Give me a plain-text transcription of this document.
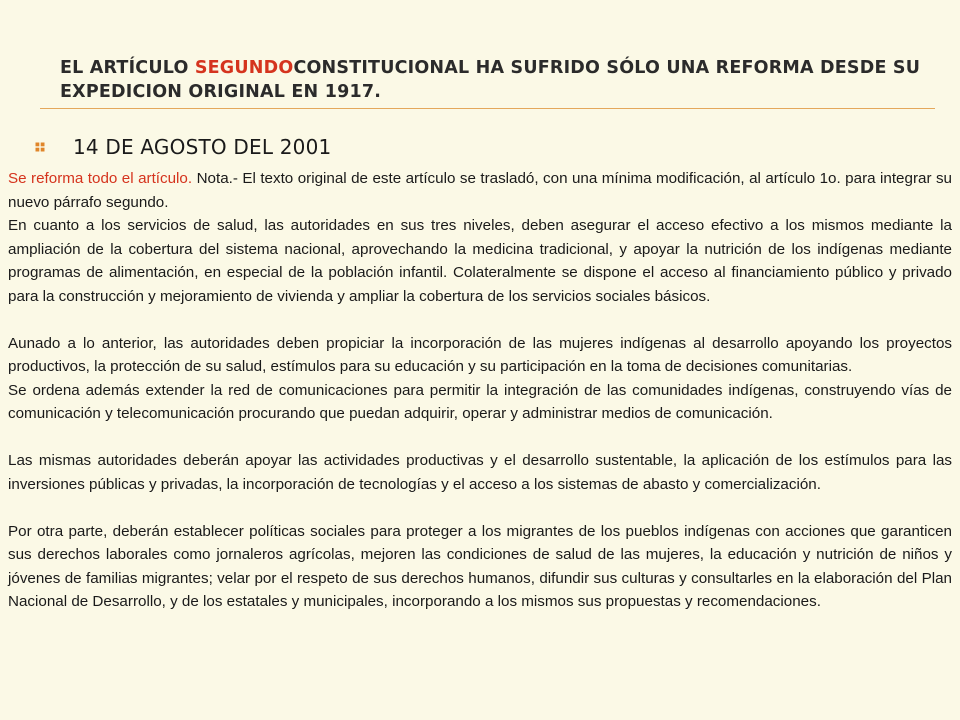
EL ARTÍCULO SEGUNDOCONSTITUCIONAL HA SUFRIDO SÓLO UNA REFORMA DESDE SU EXPEDICION ORIGINAL EN 1917.
14 DE AGOSTO DEL 2001

Se reforma todo el artículo. Nota.- El texto original de este artículo se trasladó, con una mínima modificación, al artículo 1o. para integrar su nuevo párrafo segundo.

En cuanto a los servicios de salud, las autoridades en sus tres niveles, deben asegurar el acceso efectivo a los mismos mediante la ampliación de la cobertura del sistema nacional, aprovechando la medicina tradicional, y apoyar la nutrición de los indígenas mediante programas de alimentación, en especial de la población infantil. Colateralmente se dispone el acceso al financiamiento público y privado para la construcción y mejoramiento de vivienda y ampliar la cobertura de los servicios sociales básicos.

Aunado a lo anterior, las autoridades deben propiciar la incorporación de las mujeres indígenas al desarrollo apoyando los proyectos productivos, la protección de su salud, estímulos para su educación y su participación en la toma de decisiones comunitarias.

Se ordena además extender la red de comunicaciones para permitir la integración de las comunidades indígenas, construyendo vías de comunicación y telecomunicación procurando que puedan adquirir, operar y administrar medios de comunicación.

Las mismas autoridades deberán apoyar las actividades productivas y el desarrollo sustentable, la aplicación de los estímulos para las inversiones públicas y privadas, la incorporación de tecnologías y el acceso a los sistemas de abasto y comercialización.

Por otra parte, deberán establecer políticas sociales para proteger a los migrantes de los pueblos indígenas con acciones que garanticen sus derechos laborales como jornaleros agrícolas, mejoren las condiciones de salud de las mujeres, la educación y nutrición de niños y jóvenes de familias migrantes; velar por el respeto de sus derechos humanos, difundir sus culturas y consultarles en la elaboración del Plan Nacional de Desarrollo, y de los estatales y municipales, incorporando a los mismos sus propuestas y recomendaciones.
